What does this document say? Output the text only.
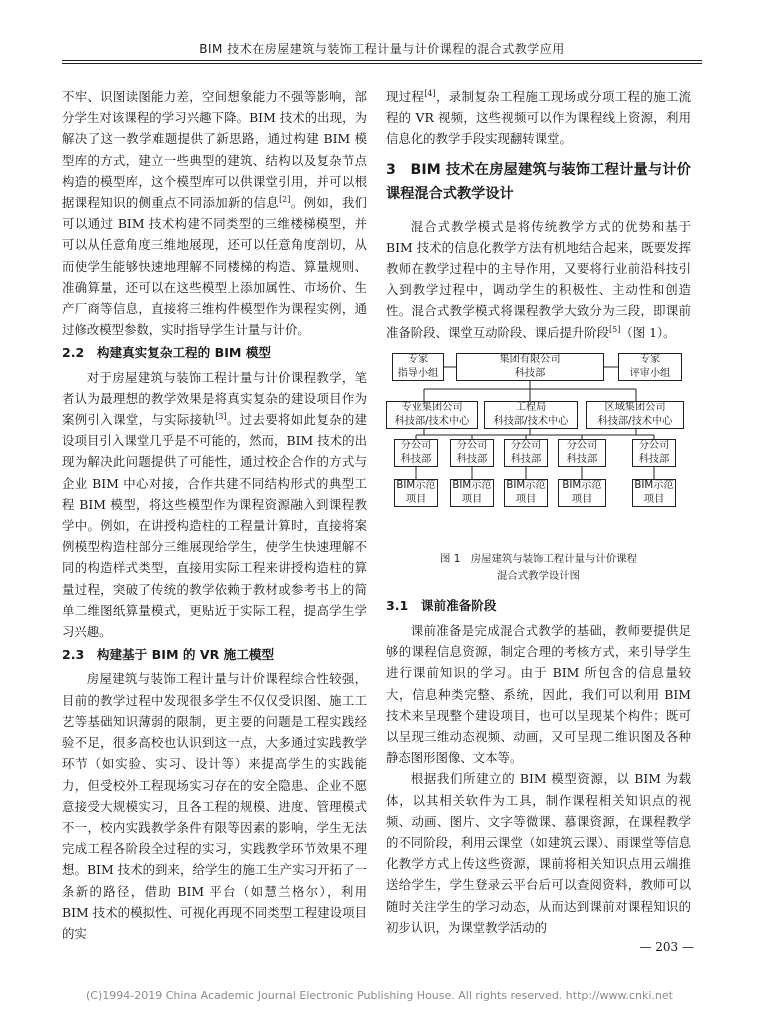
BIM 技术在房屋建筑与装饰工程计量与计价课程的混合式教学应用

不牢、识图读图能力差，空间想象能力不强等影响，部分学生对该课程的学习兴趣下降。BIM 技术的出现，为解决了这一教学难题提供了新思路，通过构建 BIM 模型库的方式，建立一些典型的建筑、结构以及复杂节点构造的模型库，这个模型库可以供课堂引用，并可以根据课程知识的侧重点不同添加新的信息[2]。例如，我们可以通过 BIM 技术构建不同类型的三维楼梯模型，并可以从任意角度三维地展现，还可以任意角度剖切，从而使学生能够快速地理解不同楼梯的构造、算量规则、准确算量，还可以在这些模型上添加属性、市场价、生产厂商等信息，直接将三维构件模型作为课程实例，通过修改模型参数，实时指导学生计量与计价。

2.2　构建真实复杂工程的 BIM 模型

对于房屋建筑与装饰工程计量与计价课程教学，笔者认为最理想的教学效果是将真实复杂的建设项目作为案例引入课堂，与实际接轨[3]。过去要将如此复杂的建设项目引入课堂几乎是不可能的，然而，BIM 技术的出现为解决此问题提供了可能性，通过校企合作的方式与企业 BIM 中心对接，合作共建不同结构形式的典型工程 BIM 模型，将这些模型作为课程资源融入到课程教学中。例如，在讲授构造柱的工程量计算时，直接将案例模型构造柱部分三维展现给学生，使学生快速理解不同的构造样式类型，直接用实际工程来讲授构造柱的算量过程，突破了传统的教学依赖于教材或参考书上的简单二维图纸算量模式，更贴近于实际工程，提高学生学习兴趣。

2.3　构建基于 BIM 的 VR 施工模型

房屋建筑与装饰工程计量与计价课程综合性较强，目前的教学过程中发现很多学生不仅仅受识图、施工工艺等基础知识薄弱的限制，更主要的问题是工程实践经验不足，很多高校也认识到这一点，大多通过实践教学环节（如实验、实习、设计等）来提高学生的实践能力，但受校外工程现场实习存在的安全隐患、企业不愿意接受大规模实习，且各工程的规模、进度、管理模式不一，校内实践教学条件有限等因素的影响，学生无法完成工程各阶段全过程的实习，实践教学环节效果不理想。BIM 技术的到来，给学生的施工生产实习开拓了一条新的路径，借助 BIM 平台（如慧兰格尔），利用 BIM 技术的模拟性、可视化再现不同类型工程建设项目的实

现过程[4]，录制复杂工程施工现场或分项工程的施工流程的 VR 视频，这些视频可以作为课程线上资源，利用信息化的教学手段实现翻转课堂。

3　BIM 技术在房屋建筑与装饰工程计量与计价课程混合式教学设计

混合式教学模式是将传统教学方式的优势和基于 BIM 技术的信息化教学方法有机地结合起来，既要发挥教师在教学过程中的主导作用，又要将行业前沿科技引入到教学过程中，调动学生的积极性、主动性和创造性。混合式教学模式将课程教学大致分为三段，即课前准备阶段、课堂互动阶段、课后提升阶段[5]（图 1）。

专家
指导小组
集团有限公司
科技部
专家
评审小组
专业集团公司
科技部/技术中心
工程局
科技部/技术中心
区域集团公司
科技部/技术中心
分公司
科技部
分公司
科技部
分公司
科技部
分公司
科技部
分公司
科技部
BIM示范
项目
BIM示范
项目
BIM示范
项目
BIM示范
项目
BIM示范
项目
图 1　房屋建筑与装饰工程计量与计价课程
混合式教学设计图
3.1　课前准备阶段

课前准备是完成混合式教学的基础，教师要提供足够的课程信息资源，制定合理的考核方式，来引导学生进行课前知识的学习。由于 BIM 所包含的信息量较大，信息种类完整、系统，因此，我们可以利用 BIM 技术来呈现整个建设项目，也可以呈现某个构件；既可以呈现三维动态视频、动画，又可呈现二维识图及各种静态图形图像、文本等。

根据我们所建立的 BIM 模型资源，以 BIM 为载体，以其相关软件为工具，制作课程相关知识点的视频、动画、图片、文字等微课、慕课资源，在课程教学的不同阶段，利用云课堂（如建筑云课）、雨课堂等信息化教学方式上传这些资源，课前将相关知识点用云端推送给学生，学生登录云平台后可以查阅资料，教师可以随时关注学生的学习动态，从而达到课前对课程知识的初步认识，为课堂教学活动的

— 203 —
(C)1994-2019 China Academic Journal Electronic Publishing House. All rights reserved. http://www.cnki.net
